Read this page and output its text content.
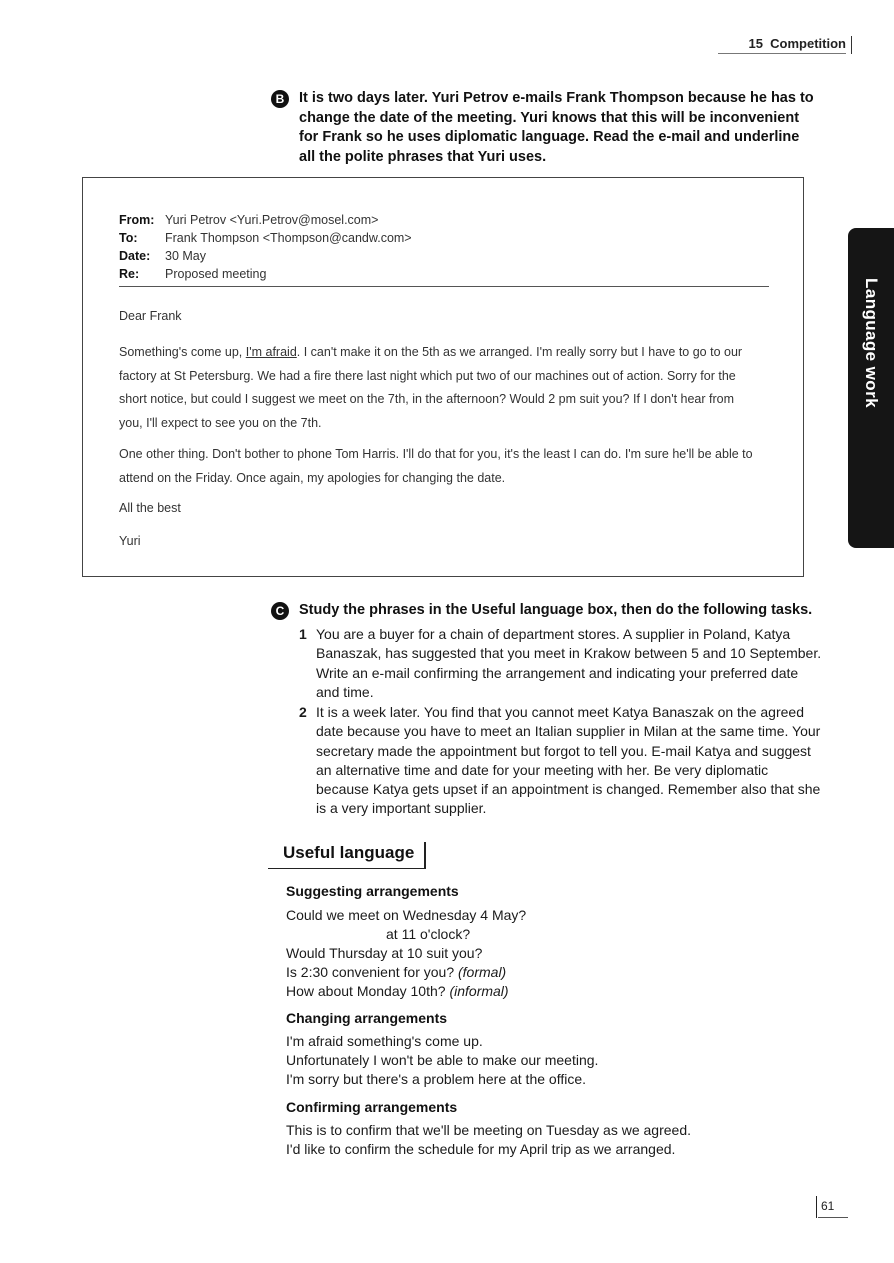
15 Competition
Language work
B	It is two days later. Yuri Petrov e-mails Frank Thompson because he has to change the date of the meeting. Yuri knows that this will be inconvenient for Frank so he uses diplomatic language. Read the e-mail and underline all the polite phrases that Yuri uses.
From: Yuri Petrov <Yuri.Petrov@mosel.com>
To:	Frank Thompson <Thompson@candw.com>
Date:	30 May
Re:	Proposed meeting

Dear Frank

Something's come up, I'm afraid. I can't make it on the 5th as we arranged. I'm really sorry but I have to go to our factory at St Petersburg. We had a fire there last night which put two of our machines out of action. Sorry for the short notice, but could I suggest we meet on the 7th, in the afternoon? Would 2 pm suit you? If I don't hear from you, I'll expect to see you on the 7th.

One other thing. Don't bother to phone Tom Harris. I'll do that for you, it's the least I can do. I'm sure he'll be able to attend on the Friday. Once again, my apologies for changing the date.

All the best

Yuri

C	Study the phrases in the Useful language box, then do the following tasks.
1 You are a buyer for a chain of department stores. A supplier in Poland, Katya Banaszak, has suggested that you meet in Krakow between 5 and 10 September. Write an e-mail confirming the arrangement and indicating your preferred date and time.
2 It is a week later. You find that you cannot meet Katya Banaszak on the agreed date because you have to meet an Italian supplier in Milan at the same time. Your secretary made the appointment but forgot to tell you. E-mail Katya and suggest an alternative time and date for your meeting with her. Be very diplomatic because Katya gets upset if an appointment is changed. Remember also that she is a very important supplier.
Useful language
Suggesting arrangements
Could we meet on Wednesday 4 May?
at 11 o'clock?
Would Thursday at 10 suit you?
Is 2:30 convenient for you? (formal)
How about Monday 10th? (informal)
Changing arrangements
I'm afraid something's come up.
Unfortunately I won't be able to make our meeting.
I'm sorry but there's a problem here at the office.
Confirming arrangements
This is to confirm that we'll be meeting on Tuesday as we agreed.
I'd like to confirm the schedule for my April trip as we arranged.
61
